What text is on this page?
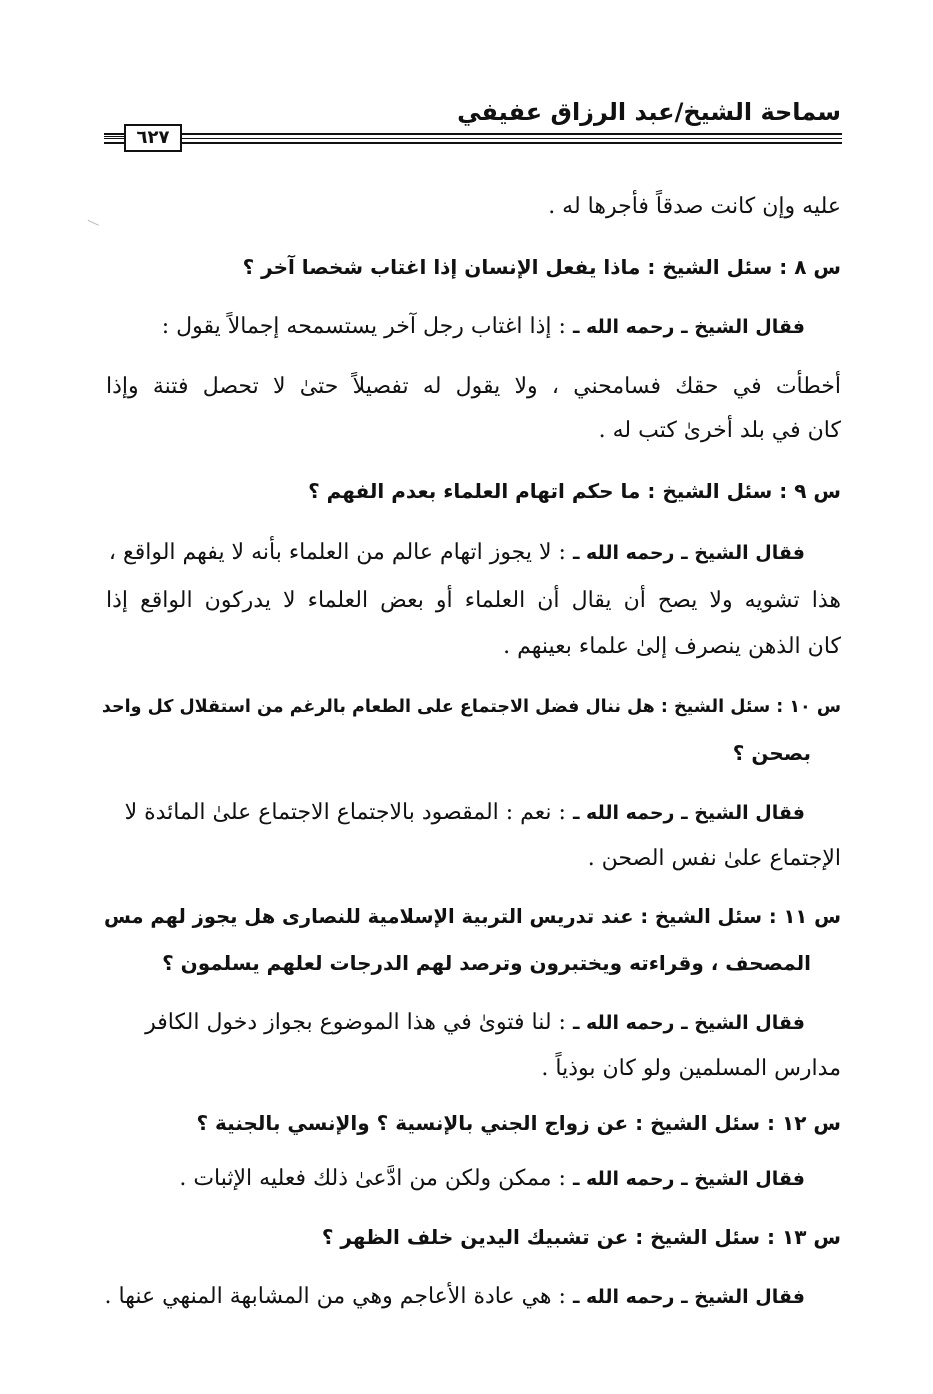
سماحة الشيخ/عبد الرزاق عفيفي
٦٢٧
عليه وإن كانت صدقاً فأجرها له .
س ٨ : سئل الشيخ : ماذا يفعل الإنسان إذا اغتاب شخصا آخر ؟
فقال الشيخ ـ رحمه الله ـ : إذا اغتاب رجل آخر يستسمحه إجمالاً يقول :
أخطأت في حقك فسامحني ، ولا يقول له تفصيلاً حتىٰ لا تحصل فتنة وإذا
كان في بلد أخرىٰ كتب له .
س ٩ : سئل الشيخ : ما حكم اتهام العلماء بعدم الفهم ؟
فقال الشيخ ـ رحمه الله ـ : لا يجوز اتهام عالم من العلماء بأنه لا يفهم الواقع ،
هذا تشويه ولا يصح أن يقال أن العلماء أو بعض العلماء لا يدركون الواقع إذا
كان الذهن ينصرف إلىٰ علماء بعينهم .
س ١٠ : سئل الشيخ : هل ننال فضل الاجتماع على الطعام بالرغم من استقلال كل واحد
بصحن ؟
فقال الشيخ ـ رحمه الله ـ : نعم : المقصود بالاجتماع الاجتماع علىٰ المائدة لا
الإجتماع علىٰ نفس الصحن .
س ١١ : سئل الشيخ : عند تدريس التربية الإسلامية للنصارى هل يجوز لهم مس
المصحف ، وقراءته ويختبرون وترصد لهم الدرجات لعلهم يسلمون ؟
فقال الشيخ ـ رحمه الله ـ : لنا فتوىٰ في هذا الموضوع بجواز دخول الكافر
مدارس المسلمين ولو كان بوذياً .
س ١٢ : سئل الشيخ : عن زواج الجني بالإنسية ؟ والإنسي بالجنية ؟
فقال الشيخ ـ رحمه الله ـ : ممكن ولكن من ادَّعىٰ ذلك فعليه الإثبات .
س ١٣ : سئل الشيخ : عن تشبيك اليدين خلف الظهر ؟
فقال الشيخ ـ رحمه الله ـ : هي عادة الأعاجم وهي من المشابهة المنهي عنها .
